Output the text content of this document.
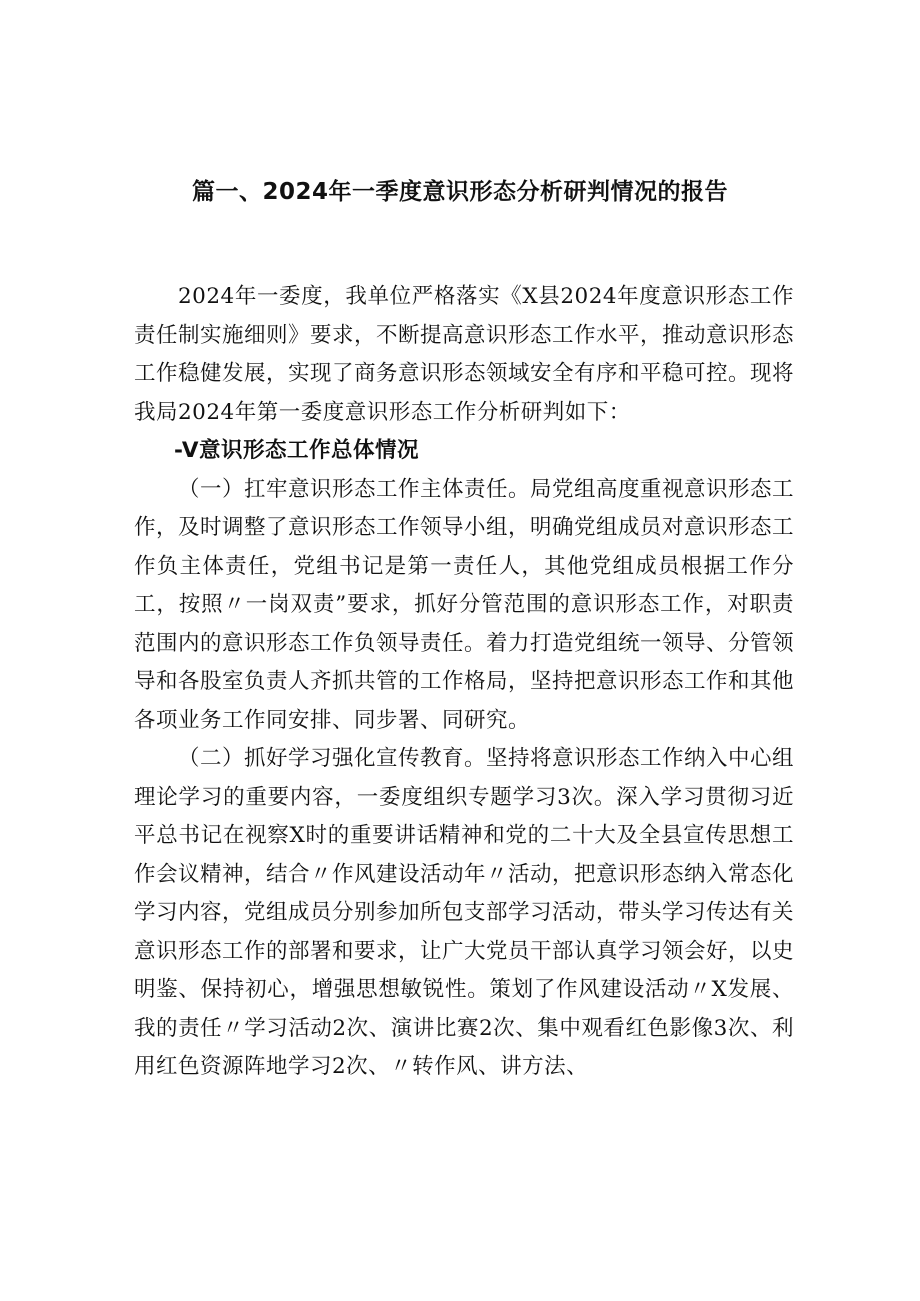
篇一、2024年一季度意识形态分析研判情况的报告

2024年一委度，我单位严格落实《X县2024年度意识形态工作责任制实施细则》要求，不断提高意识形态工作水平，推动意识形态工作稳健发展，实现了商务意识形态领域安全有序和平稳可控。现将我局2024年第一委度意识形态工作分析研判如下：

-V意识形态工作总体情况

（一）扛牢意识形态工作主体责任。局党组高度重视意识形态工作，及时调整了意识形态工作领导小组，明确党组成员对意识形态工作负主体责任，党组书记是第一责任人，其他党组成员根据工作分工，按照〃一岗双责”要求，抓好分管范围的意识形态工作，对职责范围内的意识形态工作负领导责任。着力打造党组统一领导、分管领导和各股室负责人齐抓共管的工作格局，坚持把意识形态工作和其他各项业务工作同安排、同步署、同研究。

（二）抓好学习强化宣传教育。坚持将意识形态工作纳入中心组理论学习的重要内容，一委度组织专题学习3次。深入学习贯彻习近平总书记在视察X时的重要讲话精神和党的二十大及全县宣传思想工作会议精神，结合〃作风建设活动年〃活动，把意识形态纳入常态化学习内容，党组成员分别参加所包支部学习活动，带头学习传达有关意识形态工作的部署和要求，让广大党员干部认真学习领会好，以史明鉴、保持初心，增强思想敏锐性。策划了作风建设活动〃X发展、我的责任〃学习活动2次、演讲比赛2次、集中观看红色影像3次、利用红色资源阵地学习2次、〃转作风、讲方法、
